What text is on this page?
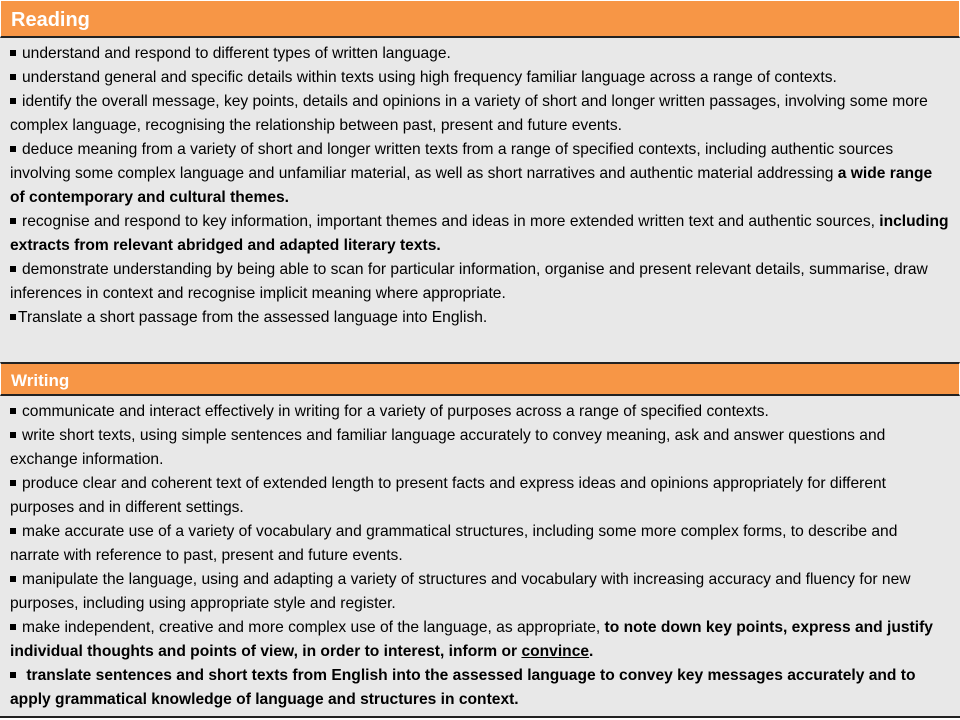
Reading

understand and respond to different types of written language.

understand general and specific details within texts using high frequency familiar language across a range of contexts.

identify the overall message, key points, details and opinions in a variety of short and longer written passages, involving some more complex language, recognising the relationship between past, present and future events.

deduce meaning from a variety of short and longer written texts from a range of specified contexts, including authentic sources involving some complex language and unfamiliar material, as well as short narratives and authentic material addressing a wide range of contemporary and cultural themes.

recognise and respond to key information, important themes and ideas in more extended written text and authentic sources, including extracts from relevant abridged and adapted literary texts.

demonstrate understanding by being able to scan for particular information, organise and present relevant details, summarise, draw inferences in context and recognise implicit meaning where appropriate.

Translate a short passage from the assessed language into English.

Writing

communicate and interact effectively in writing for a variety of purposes across a range of specified contexts.

write short texts, using simple sentences and familiar language accurately to convey meaning, ask and answer questions and exchange information.

produce clear and coherent text of extended length to present facts and express ideas and opinions appropriately for different purposes and in different settings.

make accurate use of a variety of vocabulary and grammatical structures, including some more complex forms, to describe and narrate with reference to past, present and future events.

manipulate the language, using and adapting a variety of structures and vocabulary with increasing accuracy and fluency for new purposes, including using appropriate style and register.

make independent, creative and more complex use of the language, as appropriate, to note down key points, express and justify individual thoughts and points of view, in order to interest, inform or convince.

translate sentences and short texts from English into the assessed language to convey key messages accurately and to apply grammatical knowledge of language and structures in context.
